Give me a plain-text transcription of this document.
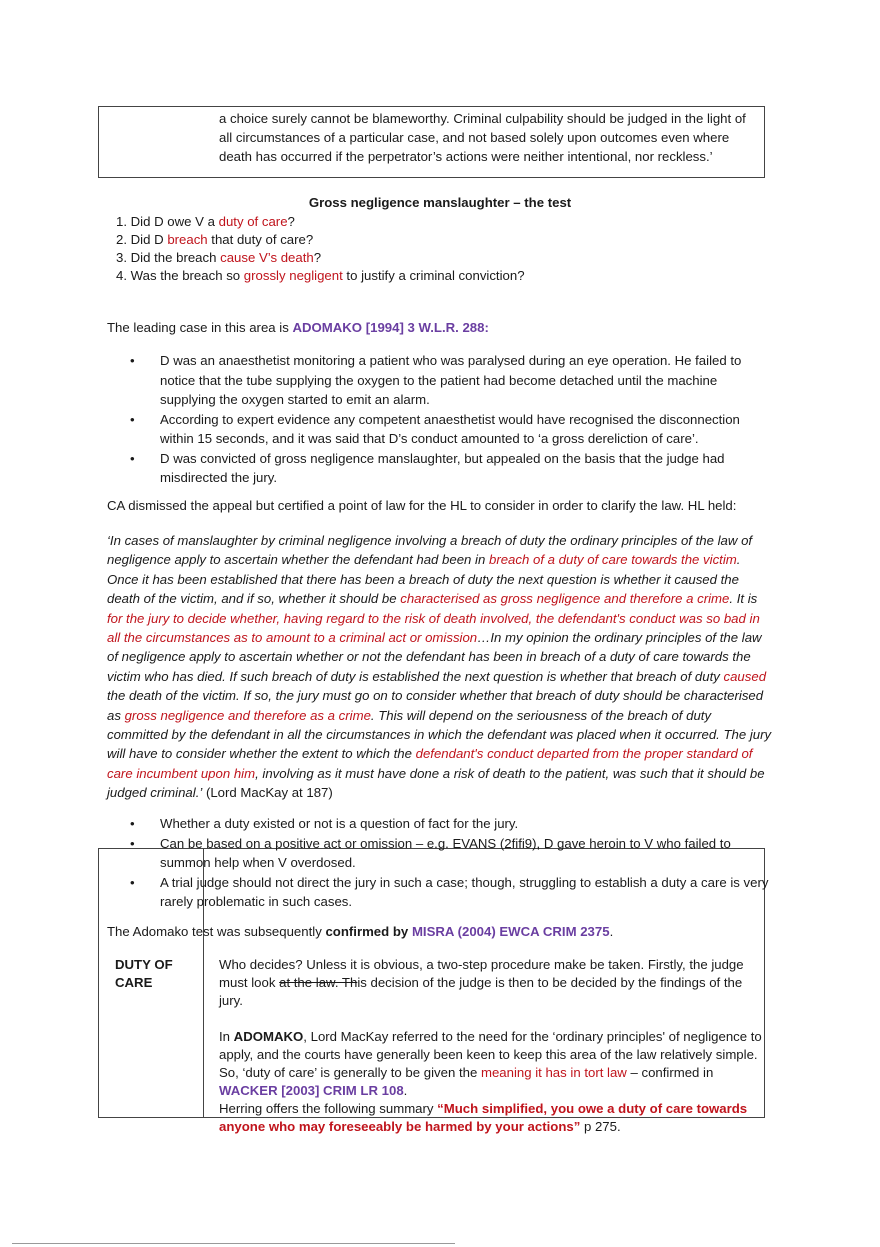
a choice surely cannot be blameworthy. Criminal culpability should be judged in the light of all circumstances of a particular case, and not based solely upon outcomes even where death has occurred if the perpetrator’s actions were neither intentional, nor reckless.’
Gross negligence manslaughter – the test
1. Did D owe V a duty of care?
2. Did D breach that duty of care?
3. Did the breach cause V’s death?
4. Was the breach so grossly negligent to justify a criminal conviction?
The leading case in this area is ADOMAKO [1994] 3 W.L.R. 288:

• D was an anaesthetist monitoring a patient who was paralysed during an eye operation. He failed to notice that the tube supplying the oxygen to the patient had become detached until the machine supplying the oxygen started to emit an alarm.

• According to expert evidence any competent anaesthetist would have recognised the disconnection within 15 seconds, and it was said that D’s conduct amounted to ‘a gross dereliction of care’.

• D was convicted of gross negligence manslaughter, but appealed on the basis that the judge had misdirected the jury.

CA dismissed the appeal but certified a point of law for the HL to consider in order to clarify the law. HL held:
‘In cases of manslaughter by criminal negligence involving a breach of duty the ordinary principles of the law of negligence apply to ascertain whether the defendant had been in breach of a duty of care towards the victim. Once it has been established that there has been a breach of duty the next question is whether it caused the death of the victim, and if so, whether it should be characterised as gross negligence and therefore a crime. It is for the jury to decide whether, having regard to the risk of death involved, the defendant's conduct was so bad in all the circumstances as to amount to a criminal act or omission…In my opinion the ordinary principles of the law of negligence apply to ascertain whether or not the defendant has been in breach of a duty of care towards the victim who has died. If such breach of duty is established the next question is whether that breach of duty caused the death of the victim. If so, the jury must go on to consider whether that breach of duty should be characterised as gross negligence and therefore as a crime. This will depend on the seriousness of the breach of duty committed by the defendant in all the circumstances in which the defendant was placed when it occurred. The jury will have to consider whether the extent to which the defendant's conduct departed from the proper standard of care incumbent upon him, involving as it must have done a risk of death to the patient, was such that it should be judged criminal.’ (Lord MacKay at 187)

• Whether a duty existed or not is a question of fact for the jury.

• Can be based on a positive act or omission – e.g. EVANS (2ﬁﬁ9), D gave heroin to V who failed to summon help when V overdosed.

• A trial judge should not direct the jury in such a case; though, struggling to establish a duty a care is very rarely problematic in such cases.

The Adomako test was subsequently confirmed by MISRA (2004) EWCA CRIM 2375.
DUTY OF
CARE

Who decides? Unless it is obvious, a two-step procedure make be taken. Firstly, the judge must look at the law. This decision of the judge is then to be decided by the findings of the jury.

In ADOMAKO, Lord MacKay referred to the need for the ‘ordinary principles' of negligence to apply, and the courts have generally been keen to keep this area of the law relatively simple. So, ‘duty of care’ is generally to be given the meaning it has in tort law – confirmed in WACKER [2003] CRIM LR 108.

Herring offers the following summary “Much simplified, you owe a duty of care towards anyone who may foreseeably be harmed by your actions” p 275.
